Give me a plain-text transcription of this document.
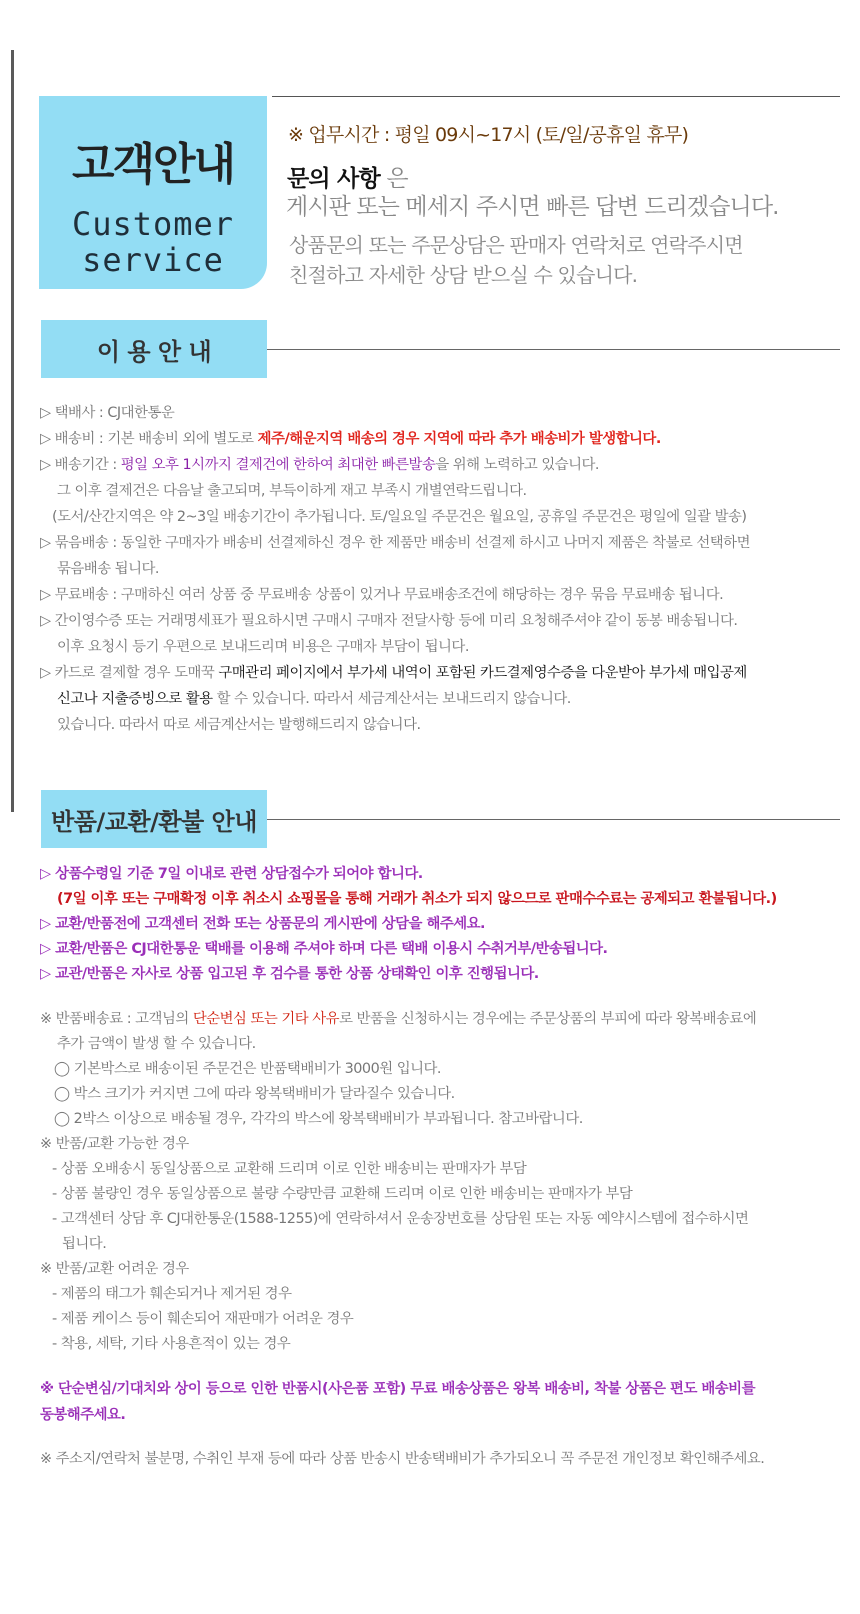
고객안내
Customer
service
※ 업무시간 : 평일 09시~17시 (토/일/공휴일 휴무)
문의 사항 은
게시판 또는 메세지 주시면 빠른 답변 드리겠습니다.
상품문의 또는 주문상담은 판매자 연락처로 연락주시면
친절하고 자세한 상담 받으실 수 있습니다.
이 용 안 내
▷ 택배사 : CJ대한통운
▷ 배송비 : 기본 배송비 외에 별도로 제주/해운지역 배송의 경우 지역에 따라 추가 배송비가 발생합니다.
▷ 배송기간 : 평일 오후 1시까지 결제건에 한하여 최대한 빠른발송을 위해 노력하고 있습니다.
그 이후 결제건은 다음날 출고되며, 부득이하게 재고 부족시 개별연락드립니다.
(도서/산간지역은 약 2~3일 배송기간이 추가됩니다. 토/일요일 주문건은 월요일, 공휴일 주문건은 평일에 일괄 발송)
▷ 묶음배송 : 동일한 구매자가 배송비 선결제하신 경우 한 제품만 배송비 선결제 하시고 나머지 제품은 착불로 선택하면
묶음배송 됩니다.
▷ 무료배송 : 구매하신 여러 상품 중 무료배송 상품이 있거나 무료배송조건에 해당하는 경우 묶음 무료배송 됩니다.
▷ 간이영수증 또는 거래명세표가 필요하시면 구매시 구매자 전달사항 등에 미리 요청해주셔야 같이 동봉 배송됩니다.
이후 요청시 등기 우편으로 보내드리며 비용은 구매자 부담이 됩니다.
▷ 카드로 결제할 경우 도매꾹 구매관리 페이지에서 부가세 내역이 포함된 카드결제영수증을 다운받아 부가세 매입공제
신고나 지출증빙으로 활용 할 수 있습니다. 따라서 세금계산서는 보내드리지 않습니다.
있습니다. 따라서 따로 세금계산서는 발행해드리지 않습니다.
반품/교환/환불 안내
▷ 상품수령일 기준 7일 이내로 관련 상담접수가 되어야 합니다.
(7일 이후 또는 구매확정 이후 취소시 쇼핑몰을 통해 거래가 취소가 되지 않으므로 판매수수료는 공제되고 환불됩니다.)
▷ 교환/반품전에 고객센터 전화 또는 상품문의 게시판에 상담을 해주세요.
▷ 교환/반품은 CJ대한통운 택배를 이용해 주셔야 하며 다른 택배 이용시 수취거부/반송됩니다.
▷ 교관/반품은 자사로 상품 입고된 후 검수를 통한 상품 상태확인 이후 진행됩니다.
※ 반품배송료 : 고객님의 단순변심 또는 기타 사유로 반품을 신청하시는 경우에는 주문상품의 부피에 따라 왕복배송료에
추가 금액이 발생 할 수 있습니다.
◯ 기본박스로 배송이된 주문건은 반품택배비가 3000원 입니다.
◯ 박스 크기가 커지면 그에 따라 왕복택배비가 달라질수 있습니다.
◯ 2박스 이상으로 배송될 경우, 각각의 박스에 왕복택배비가 부과됩니다. 참고바랍니다.
※ 반품/교환 가능한 경우
- 상품 오배송시 동일상품으로 교환해 드리며 이로 인한 배송비는 판매자가 부담
- 상품 불량인 경우 동일상품으로 불량 수량만큼 교환해 드리며 이로 인한 배송비는 판매자가 부담
- 고객센터 상담 후 CJ대한통운(1588-1255)에 연락하셔서 운송장번호를 상담원 또는 자동 예약시스템에 접수하시면
됩니다.
※ 반품/교환 어려운 경우
- 제품의 태그가 훼손되거나 제거된 경우
- 제품 케이스 등이 훼손되어 재판매가 어려운 경우
- 착용, 세탁, 기타 사용흔적이 있는 경우
※ 단순변심/기대치와 상이 등으로 인한 반품시(사은품 포함) 무료 배송상품은 왕복 배송비, 착불 상품은 편도 배송비를
동봉해주세요.
※ 주소지/연락처 불분명, 수취인 부재 등에 따라 상품 반송시 반송택배비가 추가되오니 꼭 주문전 개인정보 확인해주세요.
